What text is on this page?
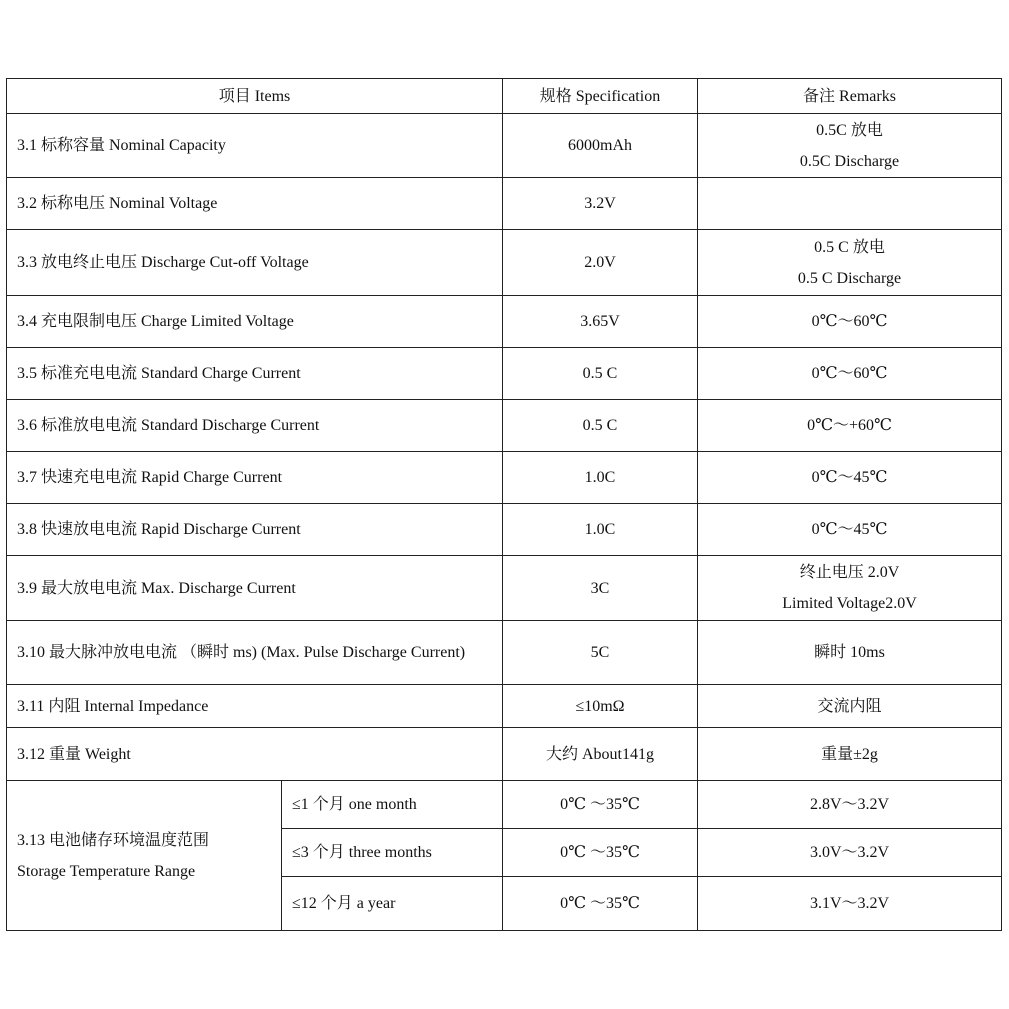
项目 Items		规格 Specification	备注 Remarks
3.1 标称容量 Nominal Capacity		6000mAh	0.5C 放电
0.5C Discharge

3.2 标称电压 Nominal Voltage		3.2V	
3.3 放电终止电压 Discharge Cut-off Voltage		2.0V	0.5 C 放电
0.5 C Discharge

3.4 充电限制电压 Charge Limited Voltage		3.65V	0℃～60℃
3.5 标准充电电流 Standard Charge Current		0.5 C	0℃～60℃
3.6 标准放电电流 Standard Discharge Current		0.5 C	0℃～+60℃
3.7 快速充电电流 Rapid Charge Current		1.0C	0℃～45℃
3.8 快速放电电流 Rapid Discharge Current		1.0C	0℃～45℃
3.9 最大放电电流 Max. Discharge Current		3C	终止电压 2.0V
Limited Voltage2.0V

3.10 最大脉冲放电电流 （瞬时 ms) (Max. Pulse Discharge Current)		5C	瞬时 10ms
3.11 内阻 Internal Impedance		≤10mΩ	交流内阻
3.12 重量 Weight		大约 About141g	重量±2g

3.13 电池储存环境温度范围
Storage Temperature Range	≤1 个月 one month	0℃ ～35℃	2.8V～3.2V
	≤3 个月 three months	0℃ ～35℃	3.0V～3.2V
	≤12 个月 a year	0℃ ～35℃	3.1V～3.2V
